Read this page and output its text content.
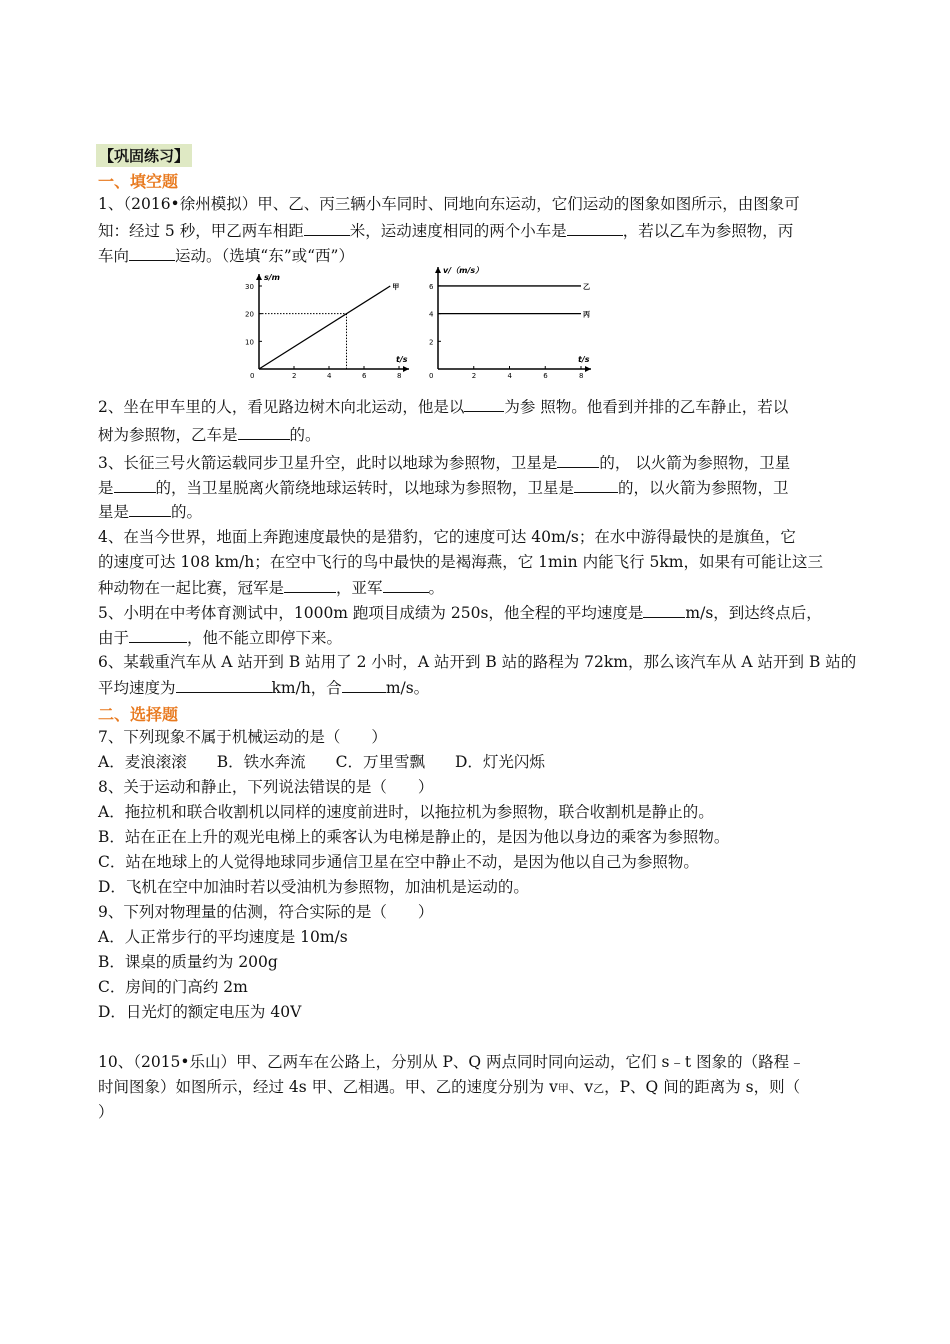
【巩固练习】
一、填空题
1、（2016•徐州模拟）甲、乙、丙三辆小车同时、同地向东运动，它们运动的图象如图所示，由图象可
知：经过 5 秒，甲乙两车相距	米，运动速度相同的两个小车是	，若以乙车为参照物，丙
车向	运动。（选填“东”或“西”）
0	2	4	6	8
10
20
30
s/m
t/s
甲
0	2	4	6	8
2
4
6
v/（m/s）
t/s
乙
丙
2、坐在甲车里的人，看见路边树木向北运动，他是以	为参 照物。他看到并排的乙车静止，若以
树为参照物，乙车是	的。
3、长征三号火箭运载同步卫星升空，此时以地球为参照物，卫星是	的， 以火箭为参照物，卫星
是	的，当卫星脱离火箭绕地球运转时，以地球为参照物，卫星是	的，以火箭为参照物，卫
星是	的。
4、在当今世界，地面上奔跑速度最快的是猎豹，它的速度可达 40m/s；在水中游得最快的是旗鱼，它
的速度可达 108 km/h；在空中飞行的鸟中最快的是褐海燕，它 1min 内能飞行 5km，如果有可能让这三
种动物在一起比赛，冠军是	，亚军	。
5、小明在中考体育测试中，1000m 跑项目成绩为 250s，他全程的平均速度是	m/s，到达终点后，
由于	，他不能立即停下来。
6、某载重汽车从 A 站开到 B 站用了 2 小时，A 站开到 B 站的路程为 72km，那么该汽车从 A 站开到 B 站的
平均速度为	km/h，合	m/s。
二、选择题
7、下列现象不属于机械运动的是（　　）
A．麦浪滚滚 B．铁水奔流 C．万里雪飘 D．灯光闪烁
8、关于运动和静止，下列说法错误的是（　　）
A．拖拉机和联合收割机以同样的速度前进时，以拖拉机为参照物，联合收割机是静止的。
B．站在正在上升的观光电梯上的乘客认为电梯是静止的，是因为他以身边的乘客为参照物。
C．站在地球上的人觉得地球同步通信卫星在空中静止不动，是因为他以自己为参照物。
D．飞机在空中加油时若以受油机为参照物，加油机是运动的。
9、下列对物理量的估测，符合实际的是（　　）
A．人正常步行的平均速度是 10m/s
B．课桌的质量约为 200g
C．房间的门高约 2m
D．日光灯的额定电压为 40V
10、（2015•乐山）甲、乙两车在公路上，分别从 P、Q 两点同时同向运动，它们 s﹣t 图象的（路程﹣
时间图象）如图所示，经过 4s 甲、乙相遇。甲、乙的速度分别为 v甲、v乙，P、Q 间的距离为 s，则（
）
